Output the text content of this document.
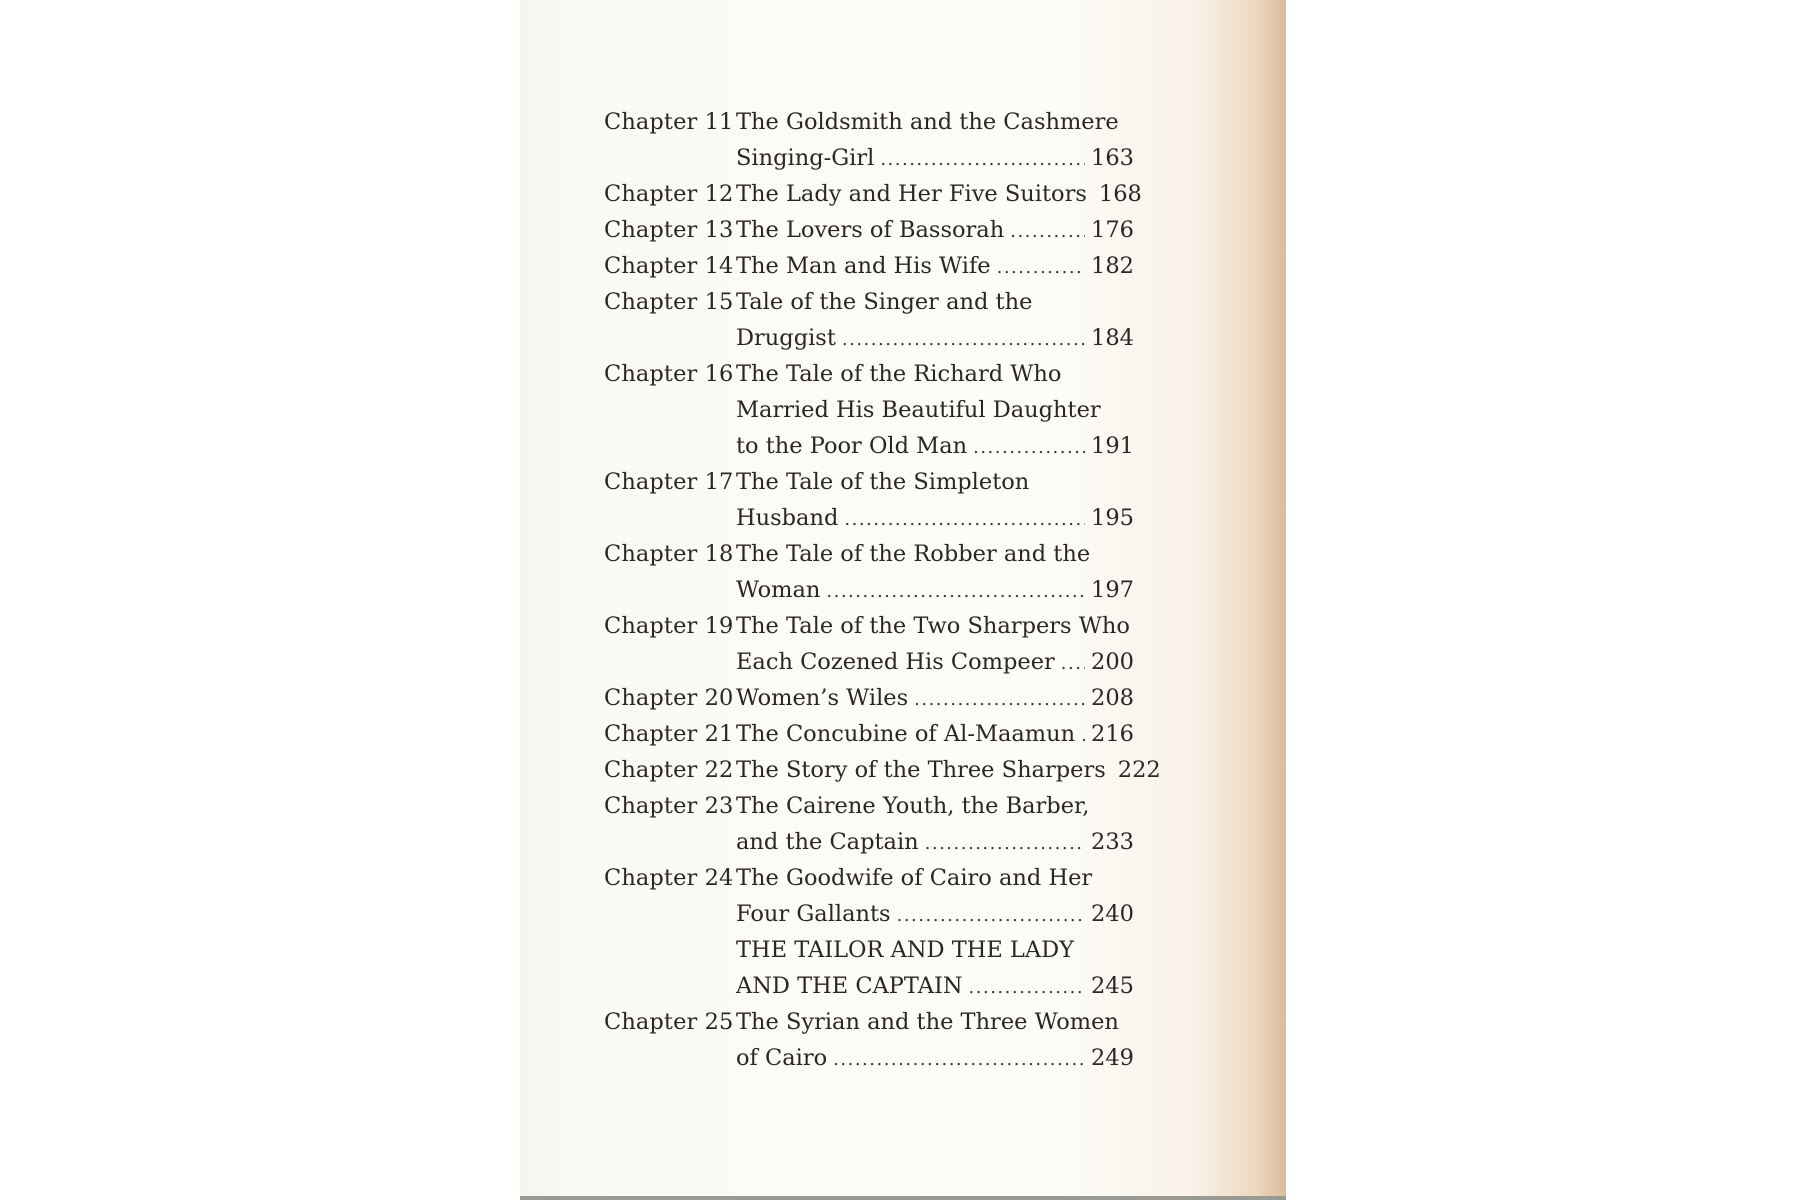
Chapter 11 The Goldsmith and the Cashmere
Singing-Girl .....	163
Chapter 12 The Lady and Her Five Suitors 168
Chapter 13 The Lovers of Bassorah .....	176
Chapter 14 The Man and His Wife .....	182
Chapter 15 Tale of the Singer and the
Druggist .....	184
Chapter 16 The Tale of the Richard Who
Married His Beautiful Daughter
to the Poor Old Man .....	191
Chapter 17 The Tale of the Simpleton
Husband .....	195
Chapter 18 The Tale of the Robber and the
Woman .....	197
Chapter 19 The Tale of the Two Sharpers Who
Each Cozened His Compeer ..... 200
Chapter 20 Women’s Wiles .....	208
Chapter 21 The Concubine of Al-Maamun ..... 216
Chapter 22 The Story of the Three Sharpers 222
Chapter 23 The Cairene Youth, the Barber,
and the Captain .....	233
Chapter 24 The Goodwife of Cairo and Her
Four Gallants .....	240
THE TAILOR AND THE LADY
AND THE CAPTAIN .....	245
Chapter 25 The Syrian and the Three Women
of Cairo .....	249
